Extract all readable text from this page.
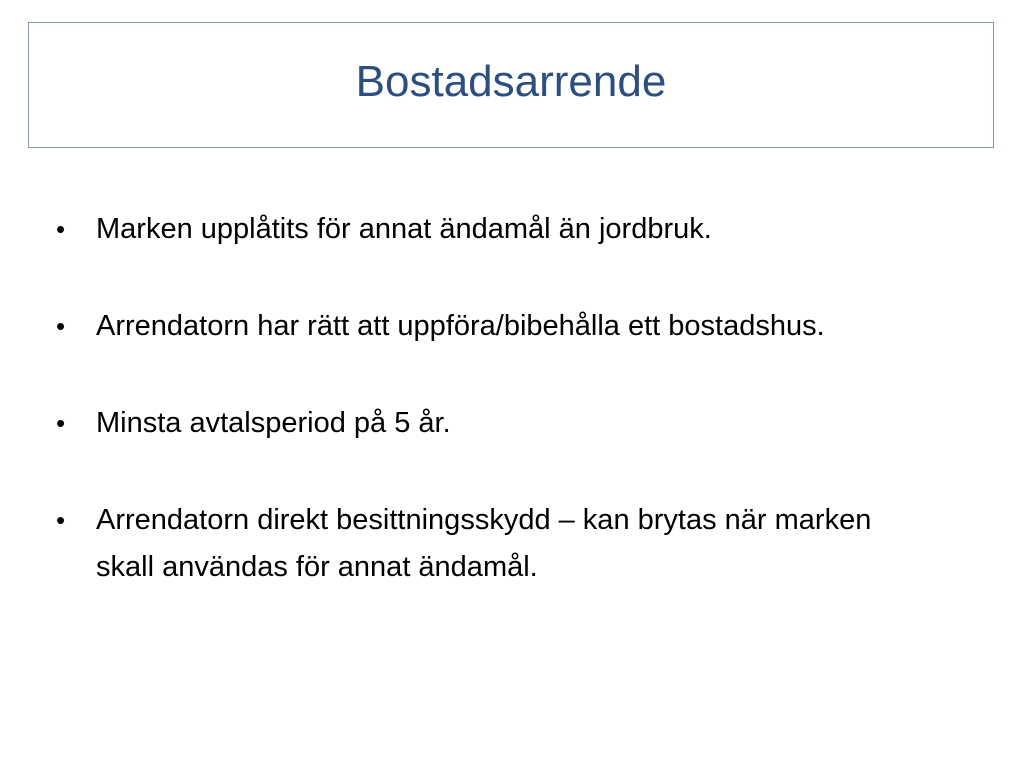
Bostadsarrende
•	Marken upplåtits för annat ändamål än jordbruk.
•	Arrendatorn har rätt att uppföra/bibehålla ett bostadshus.
•	Minsta avtalsperiod på 5 år.
•	Arrendatorn direkt besittningsskydd – kan brytas när marken skall användas för annat ändamål.
